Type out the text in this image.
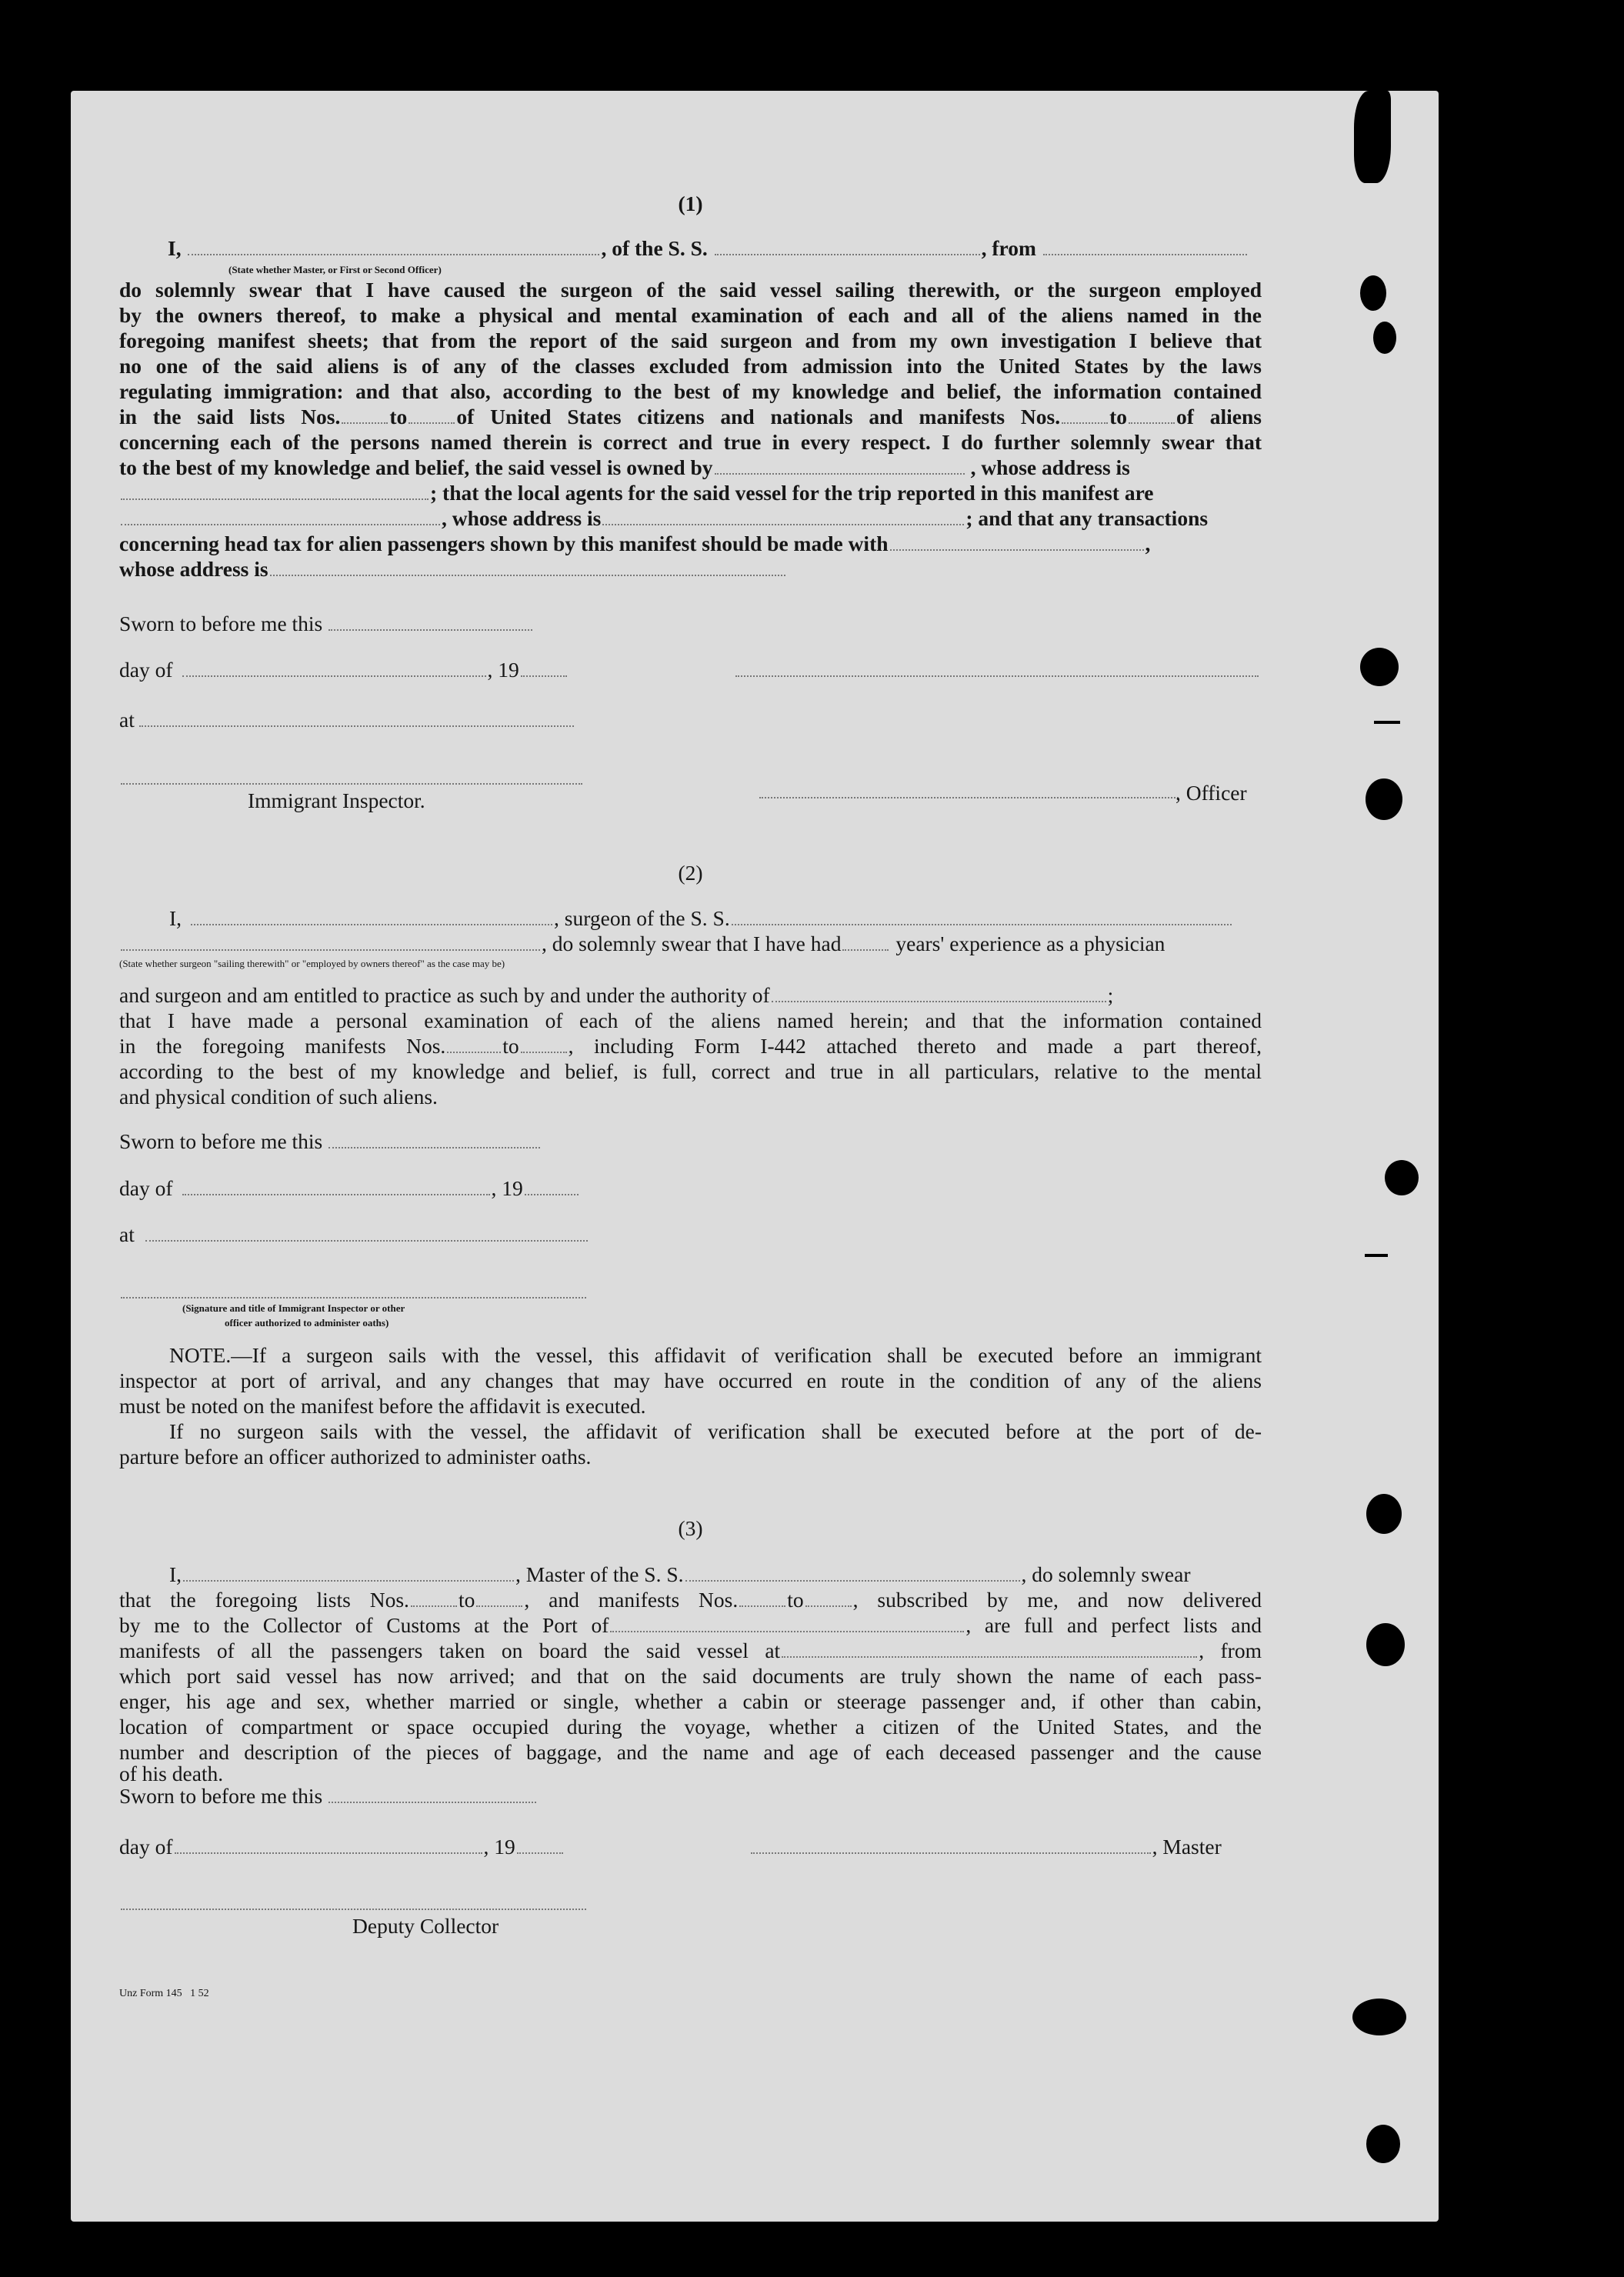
(1)
I,	, of the S. S.	, from
(State whether Master, or First or Second Officer)
do solemnly swear that I have caused the surgeon of the said vessel sailing therewith, or the surgeon employed
by the owners thereof, to make a physical and mental examination of each and all of the aliens named in the
foregoing manifest sheets; that from the report of the said surgeon and from my own investigation I believe that
no one of the said aliens is of any of the classes excluded from admission into the United States by the laws
regulating immigration: and that also, according to the best of my knowledge and belief, the information contained
in the said lists Nos. to of United States citizens and nationals and manifests Nos. to of aliens
concerning each of the persons named therein is correct and true in every respect. I do further solemnly swear that
to the best of my knowledge and belief, the said vessel is owned by	, whose address is
; that the local agents for the said vessel for the trip reported in this manifest are
, whose address is	; and that any transactions
concerning head tax for alien passengers shown by this manifest should be made with	,
whose address is
Sworn to before me this
day of	, 19
at
Immigrant Inspector.	, Officer
(2)
I,	, surgeon of the S. S.
, do solemnly swear that I have had	years' experience as a physician
(State whether surgeon "sailing therewith" or "employed by owners thereof" as the case may be)
and surgeon and am entitled to practice as such by and under the authority of	;
that I have made a personal examination of each of the aliens named herein; and that the information contained
in the foregoing manifests Nos.	to , including Form I-442 attached thereto and made a part thereof,
according to the best of my knowledge and belief, is full, correct and true in all particulars, relative to the mental
and physical condition of such aliens.
Sworn to before me this
day of	, 19
at
(Signature and title of Immigrant Inspector or other
officer authorized to administer oaths)
NOTE.—If a surgeon sails with the vessel, this affidavit of verification shall be executed before an immigrant
inspector at port of arrival, and any changes that may have occurred en route in the condition of any of the aliens
must be noted on the manifest before the affidavit is executed.
If no surgeon sails with the vessel, the affidavit of verification shall be executed before at the port of de-
parture before an officer authorized to administer oaths.
(3)
I,	, Master of the S. S.	, do solemnly swear
that the foregoing lists Nos. to , and manifests Nos. to , subscribed by me, and now delivered
by me to the Collector of Customs at the Port of	, are full and perfect lists and
manifests of all the passengers taken on board the said vessel at	, from
which port said vessel has now arrived; and that on the said documents are truly shown the name of each pass-
enger, his age and sex, whether married or single, whether a cabin or steerage passenger and, if other than cabin,
location of compartment or space occupied during the voyage, whether a citizen of the United States, and the
number and description of the pieces of baggage, and the name and age of each deceased passenger and the cause
of his death.
Sworn to before me this
day of	, 19	, Master
Deputy Collector
Unz Form 145   1 52
